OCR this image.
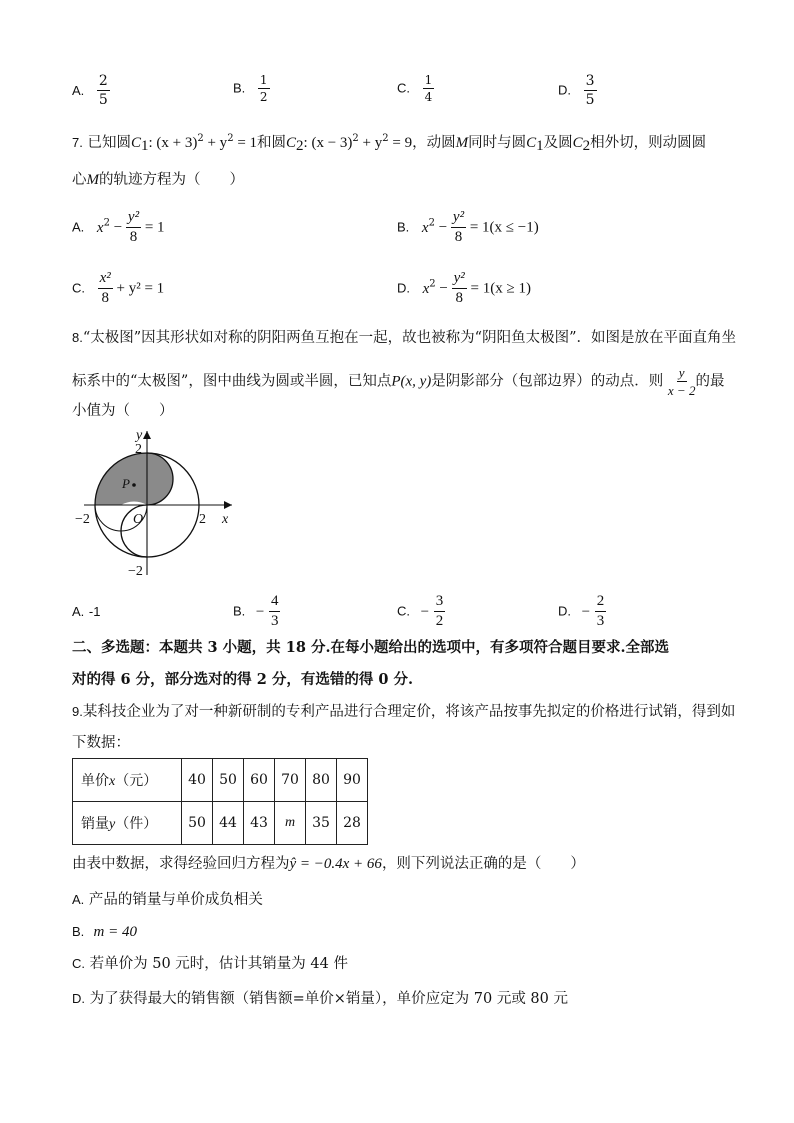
A. $\frac{2}{5}$	B. $\frac{1}{2}$	C. $\frac{1}{4}$	D. $\frac{3}{5}$
7. 已知圆$C_1$: $(x + 3)^2 + y^2 = 1$和圆$C_2$: $(x - 3)^2 + y^2 = 9$，动圆M同时与圆$C_1$及圆$C_2$相外切，则动圆圆
心M的轨迹方程为（　　）
A. $x^2 - \frac{\text{y²}}{8} = 1$	B. $x^2 - \frac{\text{y²}}{8} = 1(x \le -1)$
C. $\frac{\text{x²}}{8} + y^2 = 1$	D. $x^2 - \frac{\text{y²}}{8} = 1(x \ge 1)$
8.“太极图”因其形状如对称的阴阳两鱼互抱在一起，故也被称为“阴阳鱼太极图”．如图是放在平面直角坐
标系中的“太极图”，图中曲线为圆或半圆，已知点P(x, y)是阴影部分（包部边界）的动点．则 $\frac{y}{x - 2}$ 的最
小值为（　　）
P
y
x
O
2
−2
−2	2
A. -1	B. − $\frac{4}{3}$	C. − $\frac{3}{2}$	D. − $\frac{2}{3}$
二、多选题：本题共 3 小题，共 18 分.在每小题给出的选项中，有多项符合题目要求.全部选
对的得 6 分，部分选对的得 2 分，有选错的得 0 分.
9.某科技企业为了对一种新研制的专利产品进行合理定价，将该产品按事先拟定的价格进行试销，得到如
下数据：
单价x（元）	40	50	60	70	80	90
销量y（件）	50	44	43	m	35	28
由表中数据，求得经验回归方程为ŷ = −0.4x + 66，则下列说法正确的是（　　）
A. 产品的销量与单价成负相关
B. m = 40
C. 若单价为 50 元时，估计其销量为 44 件
D. 为了获得最大的销售额（销售额=单价×销量），单价应定为 70 元或 80 元
